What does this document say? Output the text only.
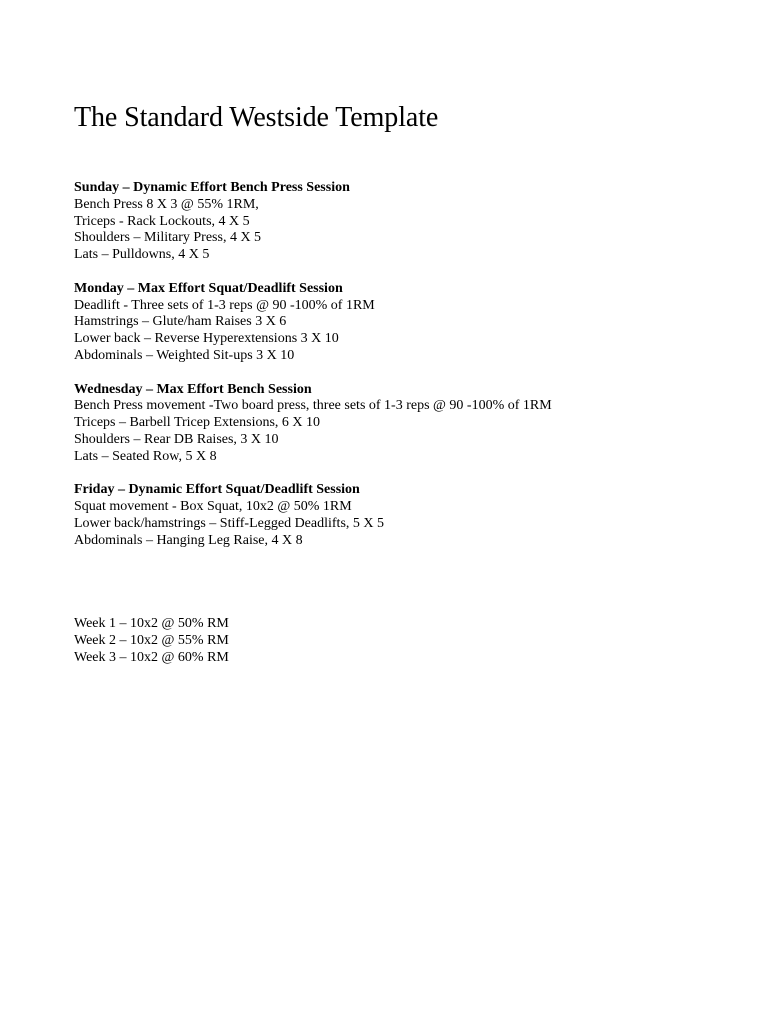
The Standard Westside Template

Sunday – Dynamic Effort Bench Press Session

Bench Press 8 X 3 @ 55% 1RM,

Triceps - Rack Lockouts, 4 X 5

Shoulders – Military Press, 4 X 5

Lats – Pulldowns, 4 X 5

Monday – Max Effort Squat/Deadlift Session

Deadlift - Three sets of 1-3 reps @ 90 -100% of 1RM

Hamstrings – Glute/ham Raises 3 X 6

Lower back – Reverse Hyperextensions 3 X 10

Abdominals – Weighted Sit-ups 3 X 10

Wednesday – Max Effort Bench Session

Bench Press movement -Two board press, three sets of 1-3 reps @ 90 -100% of 1RM

Triceps – Barbell Tricep Extensions, 6 X 10

Shoulders – Rear DB Raises, 3 X 10

Lats – Seated Row, 5 X 8

Friday – Dynamic Effort Squat/Deadlift Session

Squat movement - Box Squat, 10x2 @ 50% 1RM

Lower back/hamstrings – Stiff-Legged Deadlifts, 5 X 5

Abdominals – Hanging Leg Raise, 4 X 8

Week 1 – 10x2 @ 50% RM

Week 2 – 10x2 @ 55% RM

Week 3 – 10x2 @ 60% RM
